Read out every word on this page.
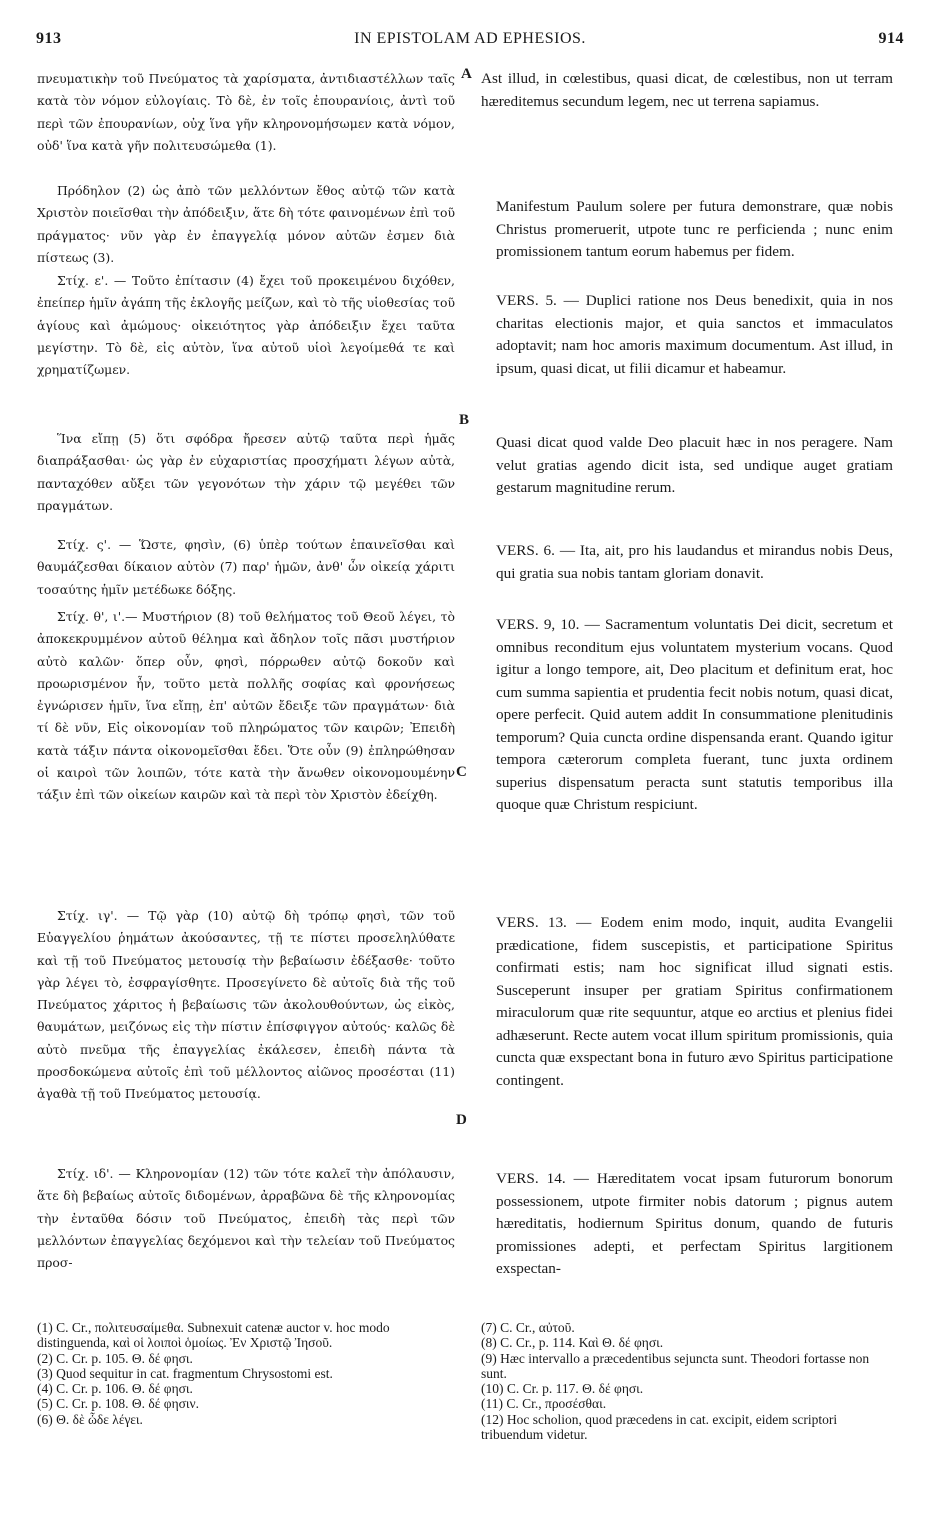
913	IN EPISTOLAM AD EPHESIOS.	914

πνευματικὴν τοῦ Πνεύματος τὰ χαρίσματα, ἀντιδιαστέλλων ταῖς κατὰ τὸν νόμον εὐλογίαις. Τὸ δὲ, ἐν τοῖς ἐπουρανίοις, ἀντὶ τοῦ περὶ τῶν ἐπουρανίων, οὐχ ἵνα γῆν κληρονομήσωμεν κατὰ νόμον, οὐδ' ἵνα κατὰ γῆν πολιτευσώμεθα (1).

Πρόδηλον (2) ὡς ἀπὸ τῶν μελλόντων ἔθος αὐτῷ τῶν κατὰ Χριστὸν ποιεῖσθαι τὴν ἀπόδειξιν, ἅτε δὴ τότε φαινομένων ἐπὶ τοῦ πράγματος· νῦν γὰρ ἐν ἐπαγγελίᾳ μόνον αὐτῶν ἐσμεν διὰ πίστεως (3).

Στίχ. ε'. — Τοῦτο ἐπίτασιν (4) ἔχει τοῦ προκειμένου διχόθεν, ἐπείπερ ἡμῖν ἀγάπη τῆς ἐκλογῆς μείζων, καὶ τὸ τῆς υἱοθεσίας τοῦ ἁγίους καὶ ἀμώμους· οἰκειότητος γὰρ ἀπόδειξιν ἔχει ταῦτα μεγίστην. Τὸ δὲ, εἰς αὐτὸν, ἵνα αὐτοῦ υἱοὶ λεγοίμεθά τε καὶ χρηματίζωμεν.

Ἵνα εἴπῃ (5) ὅτι σφόδρα ἤρεσεν αὐτῷ ταῦτα περὶ ἡμᾶς διαπράξασθαι· ὡς γὰρ ἐν εὐχαριστίας προσχήματι λέγων αὐτὰ, πανταχόθεν αὔξει τῶν γεγονότων τὴν χάριν τῷ μεγέθει τῶν πραγμάτων.

Στίχ. ς'. — Ὥστε, φησὶν, (6) ὑπὲρ τούτων ἐπαινεῖσθαι καὶ θαυμάζεσθαι δίκαιον αὐτὸν (7) παρ' ἡμῶν, ἀνθ' ὧν οἰκείᾳ χάριτι τοσαύτης ἡμῖν μετέδωκε δόξης.

Στίχ. θ', ι'.— Μυστήριον (8) τοῦ θελήματος τοῦ Θεοῦ λέγει, τὸ ἀποκεκρυμμένον αὐτοῦ θέλημα καὶ ἄδηλον τοῖς πᾶσι μυστήριον αὐτὸ καλῶν· ὅπερ οὖν, φησὶ, πόρρωθεν αὐτῷ δοκοῦν καὶ προωρισμένον ἦν, τοῦτο μετὰ πολλῆς σοφίας καὶ φρονήσεως ἐγνώρισεν ἡμῖν, ἵνα εἴπῃ, ἐπ' αὐτῶν ἔδειξε τῶν πραγμάτων· διὰ τί δὲ νῦν, Εἰς οἰκονομίαν τοῦ πληρώματος τῶν καιρῶν; Ἐπειδὴ κατὰ τάξιν πάντα οἰκονομεῖσθαι ἔδει. Ὅτε οὖν (9) ἐπληρώθησαν οἱ καιροὶ τῶν λοιπῶν, τότε κατὰ τὴν ἄνωθεν οἰκονομουμένην τάξιν ἐπὶ τῶν οἰκείων καιρῶν καὶ τὰ περὶ τὸν Χριστὸν ἐδείχθη.

Στίχ. ιγ'. — Τῷ γὰρ (10) αὐτῷ δὴ τρόπῳ φησὶ, τῶν τοῦ Εὐαγγελίου ῥημάτων ἀκούσαντες, τῇ τε πίστει προσεληλύθατε καὶ τῇ τοῦ Πνεύματος μετουσίᾳ τὴν βεβαίωσιν ἐδέξασθε· τοῦτο γὰρ λέγει τὸ, ἐσφραγίσθητε. Προσεγίνετο δὲ αὐτοῖς διὰ τῆς τοῦ Πνεύματος χάριτος ἡ βεβαίωσις τῶν ἀκολουθούντων, ὡς εἰκὸς, θαυμάτων, μειζόνως εἰς τὴν πίστιν ἐπίσφιγγον αὐτούς· καλῶς δὲ αὐτὸ πνεῦμα τῆς ἐπαγγελίας ἐκάλεσεν, ἐπειδὴ πάντα τὰ προσδοκώμενα αὐτοῖς ἐπὶ τοῦ μέλλοντος αἰῶνος προσέσται (11) ἀγαθὰ τῇ τοῦ Πνεύματος μετουσίᾳ.

Στίχ. ιδ'. — Κληρονομίαν (12) τῶν τότε καλεῖ τὴν ἀπόλαυσιν, ἅτε δὴ βεβαίως αὐτοῖς διδομένων, ἀρραβῶνα δὲ τῆς κληρονομίας τὴν ἐνταῦθα δόσιν τοῦ Πνεύματος, ἐπειδὴ τὰς περὶ τῶν μελλόντων ἐπαγγελίας δεχόμενοι καὶ τὴν τελείαν τοῦ Πνεύματος προσ-

A
B
C
D

Ast illud, in cœlestibus, quasi dicat, de cœlestibus, non ut terram hæreditemus secundum legem, nec ut terrena sapiamus.

Manifestum Paulum solere per futura demonstrare, quæ nobis Christus promeruerit, utpote tunc re perficienda ; nunc enim promissionem tantum eorum habemus per fidem.

VERS. 5. — Duplici ratione nos Deus benedixit, quia in nos charitas electionis major, et quia sanctos et immaculatos adoptavit; nam hoc amoris maximum documentum. Ast illud, in ipsum, quasi dicat, ut filii dicamur et habeamur.

Quasi dicat quod valde Deo placuit hæc in nos peragere. Nam velut gratias agendo dicit ista, sed undique auget gratiam gestarum magnitudine rerum.

VERS. 6. — Ita, ait, pro his laudandus et mirandus nobis Deus, qui gratia sua nobis tantam gloriam donavit.

VERS. 9, 10. — Sacramentum voluntatis Dei dicit, secretum et omnibus reconditum ejus voluntatem mysterium vocans. Quod igitur a longo tempore, ait, Deo placitum et definitum erat, hoc cum summa sapientia et prudentia fecit nobis notum, quasi dicat, opere perfecit. Quid autem addit In consummatione plenitudinis temporum? Quia cuncta ordine dispensanda erant. Quando igitur tempora cæterorum completa fuerant, tunc juxta ordinem superius dispensatum peracta sunt statutis temporibus illa quoque quæ Christum respiciunt.

VERS. 13. — Eodem enim modo, inquit, audita Evangelii prædicatione, fidem suscepistis, et participatione Spiritus confirmati estis; nam hoc significat illud signati estis. Susceperunt insuper per gratiam Spiritus confirmationem miraculorum quæ rite sequuntur, atque eo arctius et plenius fidei adhæserunt. Recte autem vocat illum spiritum promissionis, quia cuncta quæ exspectant bona in futuro ævo Spiritus participatione contingent.

VERS. 14. — Hæreditatem vocat ipsam futurorum bonorum possessionem, utpote firmiter nobis datorum ; pignus autem hæreditatis, hodiernum Spiritus donum, quando de futuris promissiones adepti, et perfectam Spiritus largitionem exspectan-

(1) C. Cr., πολιτευσαίμεθα. Subnexuit catenæ auctor v. hoc modo distinguenda, καὶ οἱ λοιποὶ ὁμοίως. Ἐν Χριστῷ Ἰησοῦ.
(2) C. Cr. p. 105. Θ. δέ φησι.
(3) Quod sequitur in cat. fragmentum Chrysostomi est.
(4) C. Cr. p. 106. Θ. δέ φησι.
(5) C. Cr. p. 108. Θ. δέ φησιν.
(6) Θ. δὲ ὧδε λέγει.
(7) C. Cr., αὐτοῦ.
(8) C. Cr., p. 114. Καὶ Θ. δέ φησι.
(9) Hæc intervallo a præcedentibus sejuncta sunt. Theodori fortasse non sunt.
(10) C. Cr. p. 117. Θ. δέ φησι.
(11) C. Cr., προσέσθαι.
(12) Hoc scholion, quod præcedens in cat. excipit, eidem scriptori tribuendum videtur.
